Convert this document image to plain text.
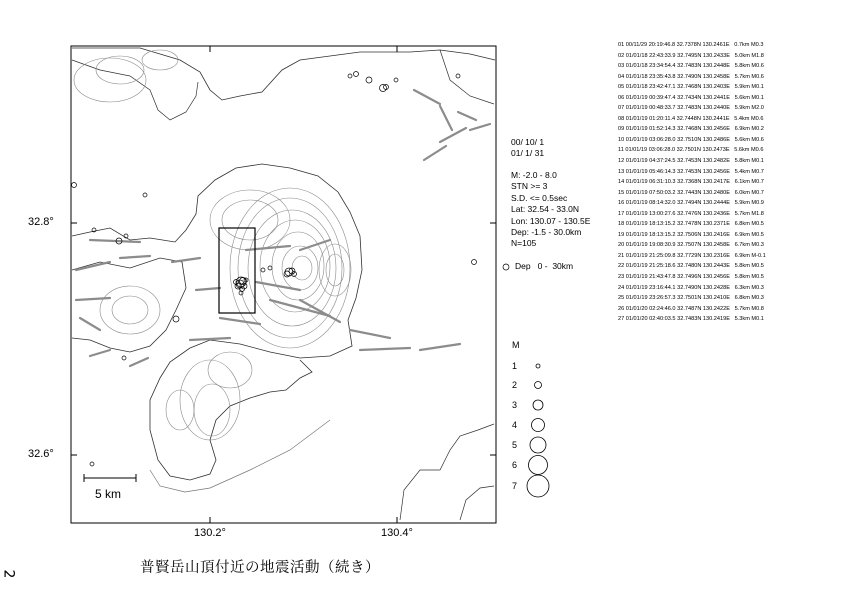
32.8°
32.6°
130.2°	130.4°
5 km
00/ 10/ 1
01/ 1/ 31
M: -2.0 - 8.0
STN >= 3
S.D. <= 0.5sec
Lat: 32.54 - 33.0N
Lon: 130.07 - 130.5E
Dep: -1.5 - 30.0km
N=105
Dep   0 -  30km
M
1
2
3
4
5
6
7
01 00/11/29 20:19:46.8 32.7378N 130.2461E   0.7km M0.3
02 01/01/18 22:43:33.9 32.7495N 130.2433E   5.0km M1.8
03 01/01/18 23:34:54.4 32.7483N 130.2448E   5.8km M0.6
04 01/01/18 23:35:43.8 32.7490N 130.2458E   5.7km M0.6
05 01/01/18 23:42:47.1 32.7468N 130.2403E   5.9km M0.1
06 01/01/19 00:39:47.4 32.7434N 130.2441E   5.6km M0.1
07 01/01/19 00:48:33.7 32.7483N 130.2440E   5.9km M2.0
08 01/01/19 01:20:11.4 32.7448N 130.2441E   5.4km M0.6
09 01/01/19 01:52:14.3 32.7468N 130.2456E   6.9km M0.2
10 01/01/19 03:06:28.0 32.7510N 130.2486E   5.6km M0.6
11 01/01/19 03:06:28.0 32.7501N 130.2473E   5.6km M0.6
12 01/01/19 04:37:24.5 32.7453N 130.2482E   5.8km M0.1
13 01/01/19 05:46:14.3 32.7453N 130.2456E   5.4km M0.7
14 01/01/19 06:31:10.3 32.7368N 130.2417E   6.1km M0.7
15 01/01/19 07:50:03.2 32.7443N 130.2480E   6.0km M0.7
16 01/01/19 08:14:32.0 32.7494N 130.2444E   5.9km M0.9
17 01/01/19 13:00:27.6 32.7476N 130.2436E   5.7km M1.8
18 01/01/19 18:13:15.2 32.7478N 130.2371E   6.8km M0.5
19 01/01/19 18:13:15.2 32.7506N 130.2416E   6.9km M0.5
20 01/01/19 19:08:30.9 32.7507N 130.2458E   6.7km M0.3
21 01/01/19 21:25:09.8 32.7729N 130.2316E   6.9km M-0.1
22 01/01/19 21:25:18.6 32.7480N 130.2443E   5.8km M0.5
23 01/01/19 21:43:47.8 32.7496N 130.2456E   5.8km M0.5
24 01/01/19 23:16:44.1 32.7490N 130.2428E   6.3km M0.3
25 01/01/19 23:26:57.3 32.7501N 130.2410E   6.8km M0.3
26 01/01/20 02:24:46.0 32.7487N 130.2422E   5.7km M0.8
27 01/01/20 02:40:03.5 32.7483N 130.2419E   5.3km M0.1
普賢岳山頂付近の地震活動（続き）
2
